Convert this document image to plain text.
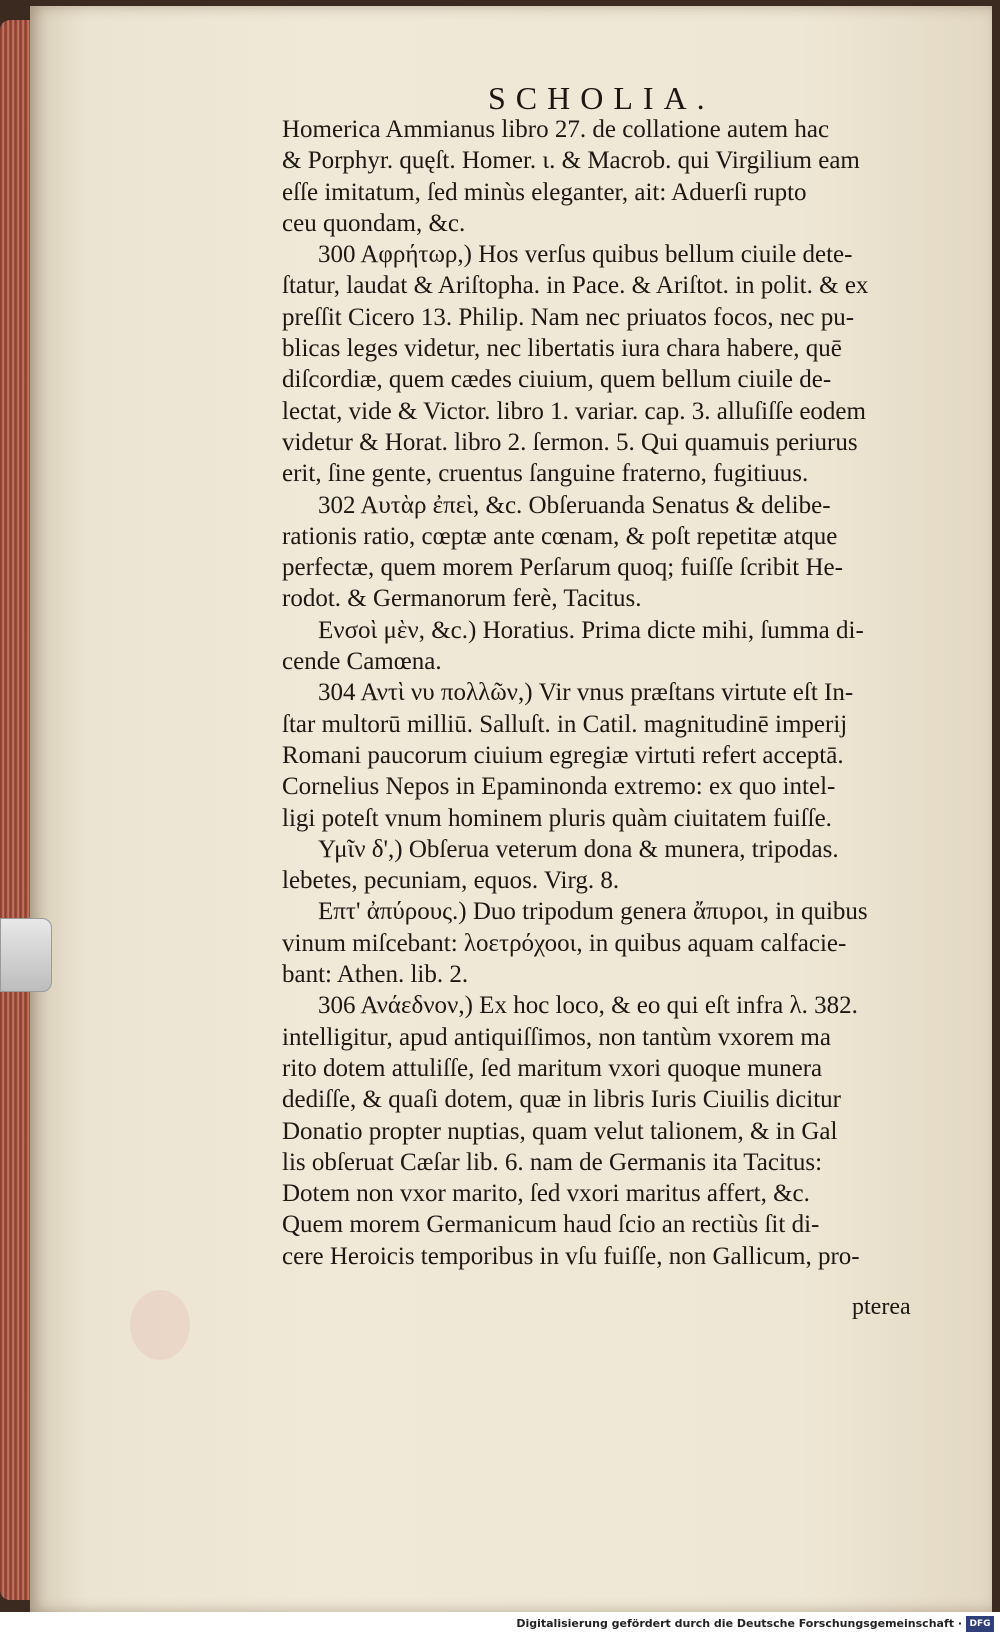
SCHOLIA.
Homerica Ammianus libro 27. de collatione autem hac
& Porphyr. quęſt. Homer. ι. & Macrob. qui Virgilium eam
eſſe imitatum, ſed minùs eleganter, ait: Aduerſi rupto
ceu quondam, &c.
300 Αφρήτωρ,) Hos verſus quibus bellum ciuile dete-
ſtatur, laudat & Ariſtopha. in Pace. & Ariſtot. in polit. & ex
preſſit Cicero 13. Philip. Nam nec priuatos focos, nec pu-
blicas leges videtur, nec libertatis iura chara habere, quē
diſcordiæ, quem cædes ciuium, quem bellum ciuile de-
lectat, vide & Victor. libro 1. variar. cap. 3. alluſiſſe eodem
videtur & Horat. libro 2. ſermon. 5. Qui quamuis periurus
erit, ſine gente, cruentus ſanguine fraterno, fugitiuus.
302 Αυτὰρ ἐπεὶ, &c. Obſeruanda Senatus & delibe-
rationis ratio, cœptæ ante cœnam, & poſt repetitæ atque
perfectæ, quem morem Perſarum quoq; fuiſſe ſcribit He-
rodot. & Germanorum ferè, Tacitus.
Ενσοὶ μὲν, &c.) Horatius. Prima dicte mihi, ſumma di-
cende Camœna.
304 Αντὶ νυ πολλῶν,) Vir vnus præſtans virtute eſt In-
ſtar multorū milliū. Salluſt. in Catil. magnitudinē imperij
Romani paucorum ciuium egregiæ virtuti refert acceptā.
Cornelius Nepos in Epaminonda extremo: ex quo intel-
ligi poteſt vnum hominem pluris quàm ciuitatem fuiſſe.
Υμῖν δ',) Obſerua veterum dona & munera, tripodas.
lebetes, pecuniam, equos. Virg. 8.
Επτ' ἀπύρους.) Duo tripodum genera ἄπυροι, in quibus
vinum miſcebant: λοετρόχοοι, in quibus aquam calfacie-
bant: Athen. lib. 2.
306 Ανάεδνον,) Ex hoc loco, & eo qui eſt infra λ. 382.
intelligitur, apud antiquiſſimos, non tantùm vxorem ma
rito dotem attuliſſe, ſed maritum vxori quoque munera
dediſſe, & quaſi dotem, quæ in libris Iuris Ciuilis dicitur
Donatio propter nuptias, quam velut talionem, & in Gal
lis obſeruat Cæſar lib. 6. nam de Germanis ita Tacitus:
Dotem non vxor marito, ſed vxori maritus affert, &c.
Quem morem Germanicum haud ſcio an rectiùs ſit di-
cere Heroicis temporibus in vſu fuiſſe, non Gallicum, pro-
pterea
Digitalisierung gefördert durch die Deutsche Forschungsgemeinschaft · DFG
